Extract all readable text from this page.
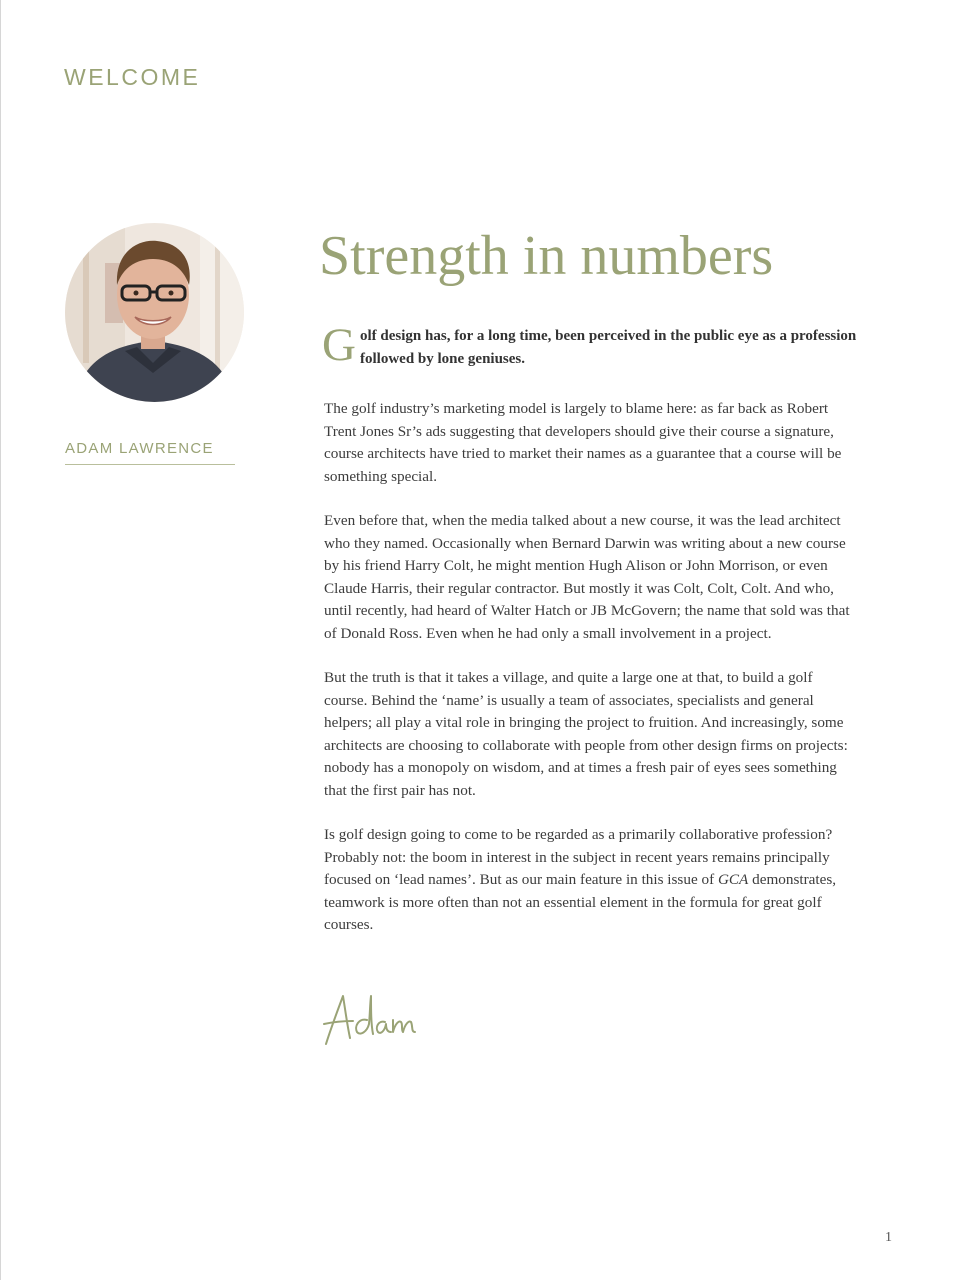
WELCOME
ADAM LAWRENCE
Strength in numbers

G olf design has, for a long time, been perceived in the public eye as a profession followed by lone geniuses.

The golf industry’s marketing model is largely to blame here: as far back as Robert Trent Jones Sr’s ads suggesting that developers should give their course a signature, course architects have tried to market their names as a guarantee that a course will be something special.

Even before that, when the media talked about a new course, it was the lead architect who they named. Occasionally when Bernard Darwin was writing about a new course by his friend Harry Colt, he might mention Hugh Alison or John Morrison, or even Claude Harris, their regular contractor. But mostly it was Colt, Colt, Colt. And who, until recently, had heard of Walter Hatch or JB McGovern; the name that sold was that of Donald Ross. Even when he had only a small involvement in a project.

But the truth is that it takes a village, and quite a large one at that, to build a golf course. Behind the ‘name’ is usually a team of associates, specialists and general helpers; all play a vital role in bringing the project to fruition. And increasingly, some architects are choosing to collaborate with people from other design firms on projects: nobody has a monopoly on wisdom, and at times a fresh pair of eyes sees something that the first pair has not.

Is golf design going to come to be regarded as a primarily collaborative profession? Probably not: the boom in interest in the subject in recent years remains principally focused on ‘lead names’. But as our main feature in this issue of GCA demonstrates, teamwork is more often than not an essential element in the formula for great golf courses.

1
